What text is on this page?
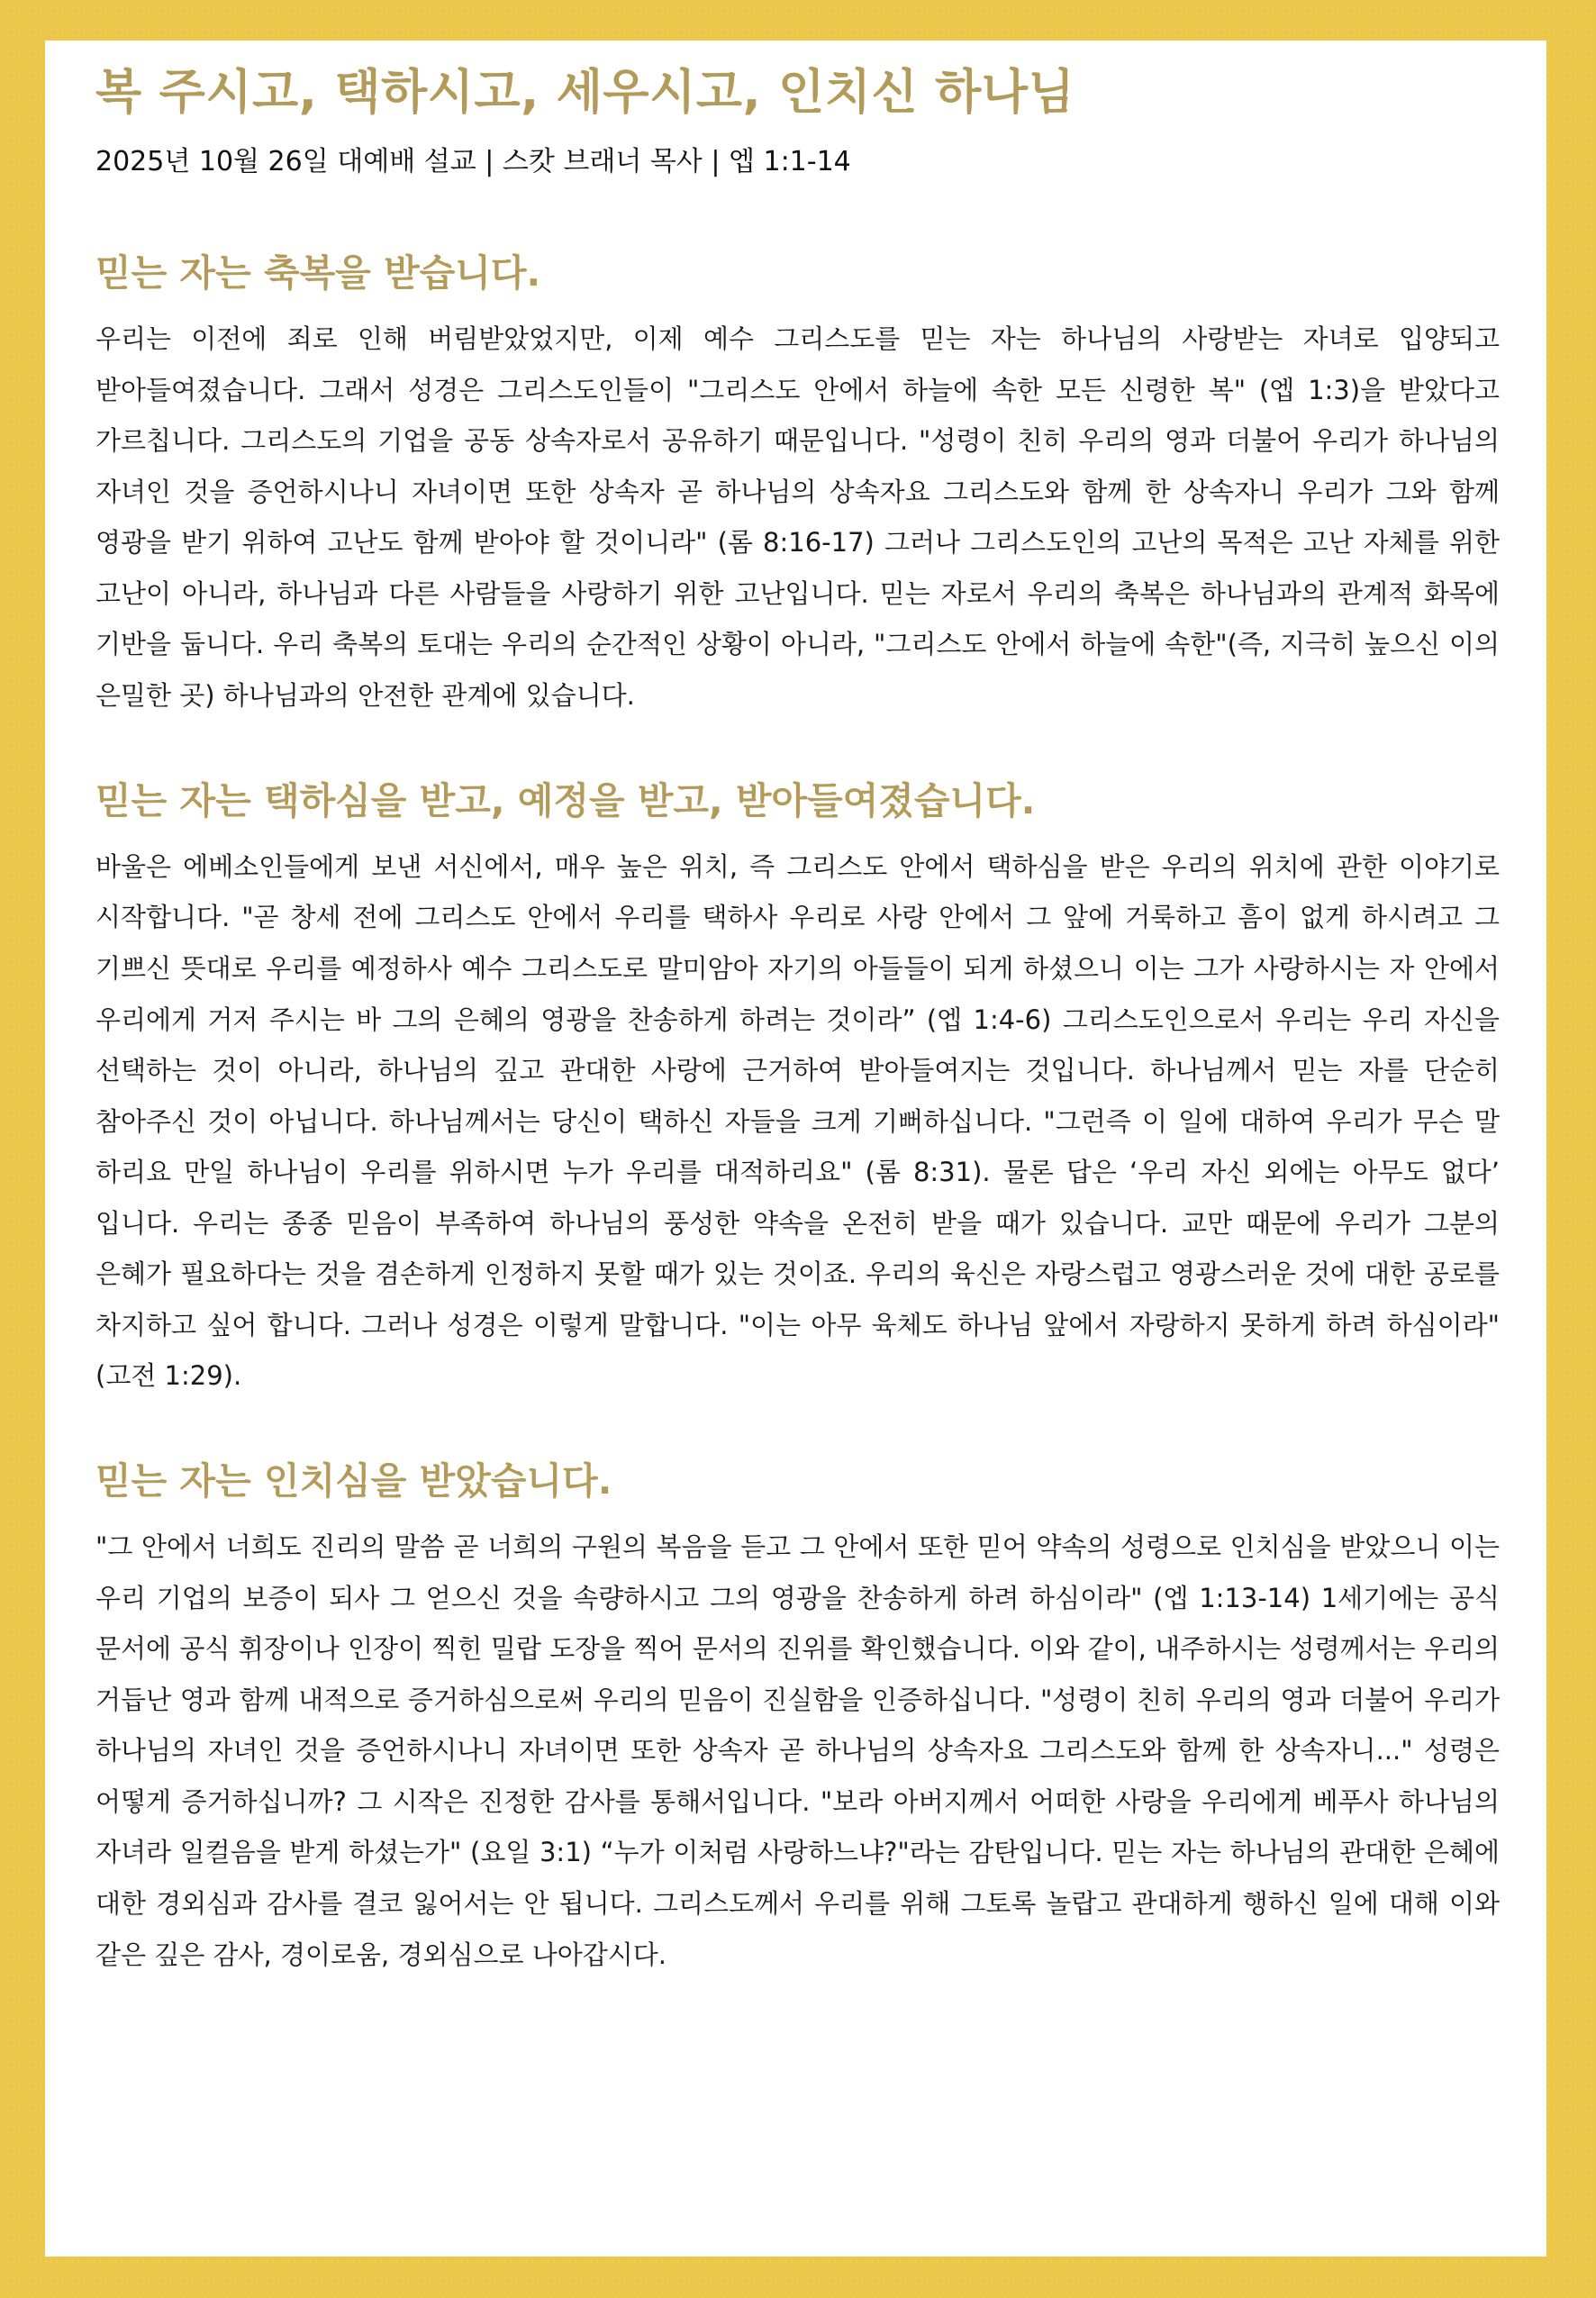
복 주시고, 택하시고, 세우시고, 인치신 하나님

2025년 10월 26일 대예배 설교 | 스캇 브래너 목사 | 엡 1:1-14

믿는 자는 축복을 받습니다.

우리는 이전에 죄로 인해 버림받았었지만, 이제 예수 그리스도를 믿는 자는 하나님의 사랑받는 자녀로 입양되고 받아들여졌습니다. 그래서 성경은 그리스도인들이 "그리스도 안에서 하늘에 속한 모든 신령한 복" (엡 1:3)을 받았다고 가르칩니다. 그리스도의 기업을 공동 상속자로서 공유하기 때문입니다. "성령이 친히 우리의 영과 더불어 우리가 하나님의 자녀인 것을 증언하시나니 자녀이면 또한 상속자 곧 하나님의 상속자요 그리스도와 함께 한 상속자니 우리가 그와 함께 영광을 받기 위하여 고난도 함께 받아야 할 것이니라" (롬 8:16-17) 그러나 그리스도인의 고난의 목적은 고난 자체를 위한 고난이 아니라, 하나님과 다른 사람들을 사랑하기 위한 고난입니다. 믿는 자로서 우리의 축복은 하나님과의 관계적 화목에 기반을 둡니다. 우리 축복의 토대는 우리의 순간적인 상황이 아니라, "그리스도 안에서 하늘에 속한"(즉, 지극히 높으신 이의 은밀한 곳) 하나님과의 안전한 관계에 있습니다.

믿는 자는 택하심을 받고, 예정을 받고, 받아들여졌습니다.

바울은 에베소인들에게 보낸 서신에서, 매우 높은 위치, 즉 그리스도 안에서 택하심을 받은 우리의 위치에 관한 이야기로 시작합니다. "곧 창세 전에 그리스도 안에서 우리를 택하사 우리로 사랑 안에서 그 앞에 거룩하고 흠이 없게 하시려고 그 기쁘신 뜻대로 우리를 예정하사 예수 그리스도로 말미암아 자기의 아들들이 되게 하셨으니 이는 그가 사랑하시는 자 안에서 우리에게 거저 주시는 바 그의 은혜의 영광을 찬송하게 하려는 것이라” (엡 1:4-6) 그리스도인으로서 우리는 우리 자신을 선택하는 것이 아니라, 하나님의 깊고 관대한 사랑에 근거하여 받아들여지는 것입니다. 하나님께서 믿는 자를 단순히 참아주신 것이 아닙니다. 하나님께서는 당신이 택하신 자들을 크게 기뻐하십니다. "그런즉 이 일에 대하여 우리가 무슨 말 하리요 만일 하나님이 우리를 위하시면 누가 우리를 대적하리요" (롬 8:31). 물론 답은 ‘우리 자신 외에는 아무도 없다’ 입니다. 우리는 종종 믿음이 부족하여 하나님의 풍성한 약속을 온전히 받을 때가 있습니다. 교만 때문에 우리가 그분의 은혜가 필요하다는 것을 겸손하게 인정하지 못할 때가 있는 것이죠. 우리의 육신은 자랑스럽고 영광스러운 것에 대한 공로를 차지하고 싶어 합니다. 그러나 성경은 이렇게 말합니다. "이는 아무 육체도 하나님 앞에서 자랑하지 못하게 하려 하심이라" (고전 1:29).

믿는 자는 인치심을 받았습니다.

"그 안에서 너희도 진리의 말씀 곧 너희의 구원의 복음을 듣고 그 안에서 또한 믿어 약속의 성령으로 인치심을 받았으니 이는 우리 기업의 보증이 되사 그 얻으신 것을 속량하시고 그의 영광을 찬송하게 하려 하심이라" (엡 1:13-14) 1세기에는 공식 문서에 공식 휘장이나 인장이 찍힌 밀랍 도장을 찍어 문서의 진위를 확인했습니다. 이와 같이, 내주하시는 성령께서는 우리의 거듭난 영과 함께 내적으로 증거하심으로써 우리의 믿음이 진실함을 인증하십니다. "성령이 친히 우리의 영과 더불어 우리가 하나님의 자녀인 것을 증언하시나니 자녀이면 또한 상속자 곧 하나님의 상속자요 그리스도와 함께 한 상속자니..." 성령은 어떻게 증거하십니까? 그 시작은 진정한 감사를 통해서입니다. "보라 아버지께서 어떠한 사랑을 우리에게 베푸사 하나님의 자녀라 일컬음을 받게 하셨는가" (요일 3:1) “누가 이처럼 사랑하느냐?"라는 감탄입니다. 믿는 자는 하나님의 관대한 은혜에 대한 경외심과 감사를 결코 잃어서는 안 됩니다. 그리스도께서 우리를 위해 그토록 놀랍고 관대하게 행하신 일에 대해 이와 같은 깊은 감사, 경이로움, 경외심으로 나아갑시다.
